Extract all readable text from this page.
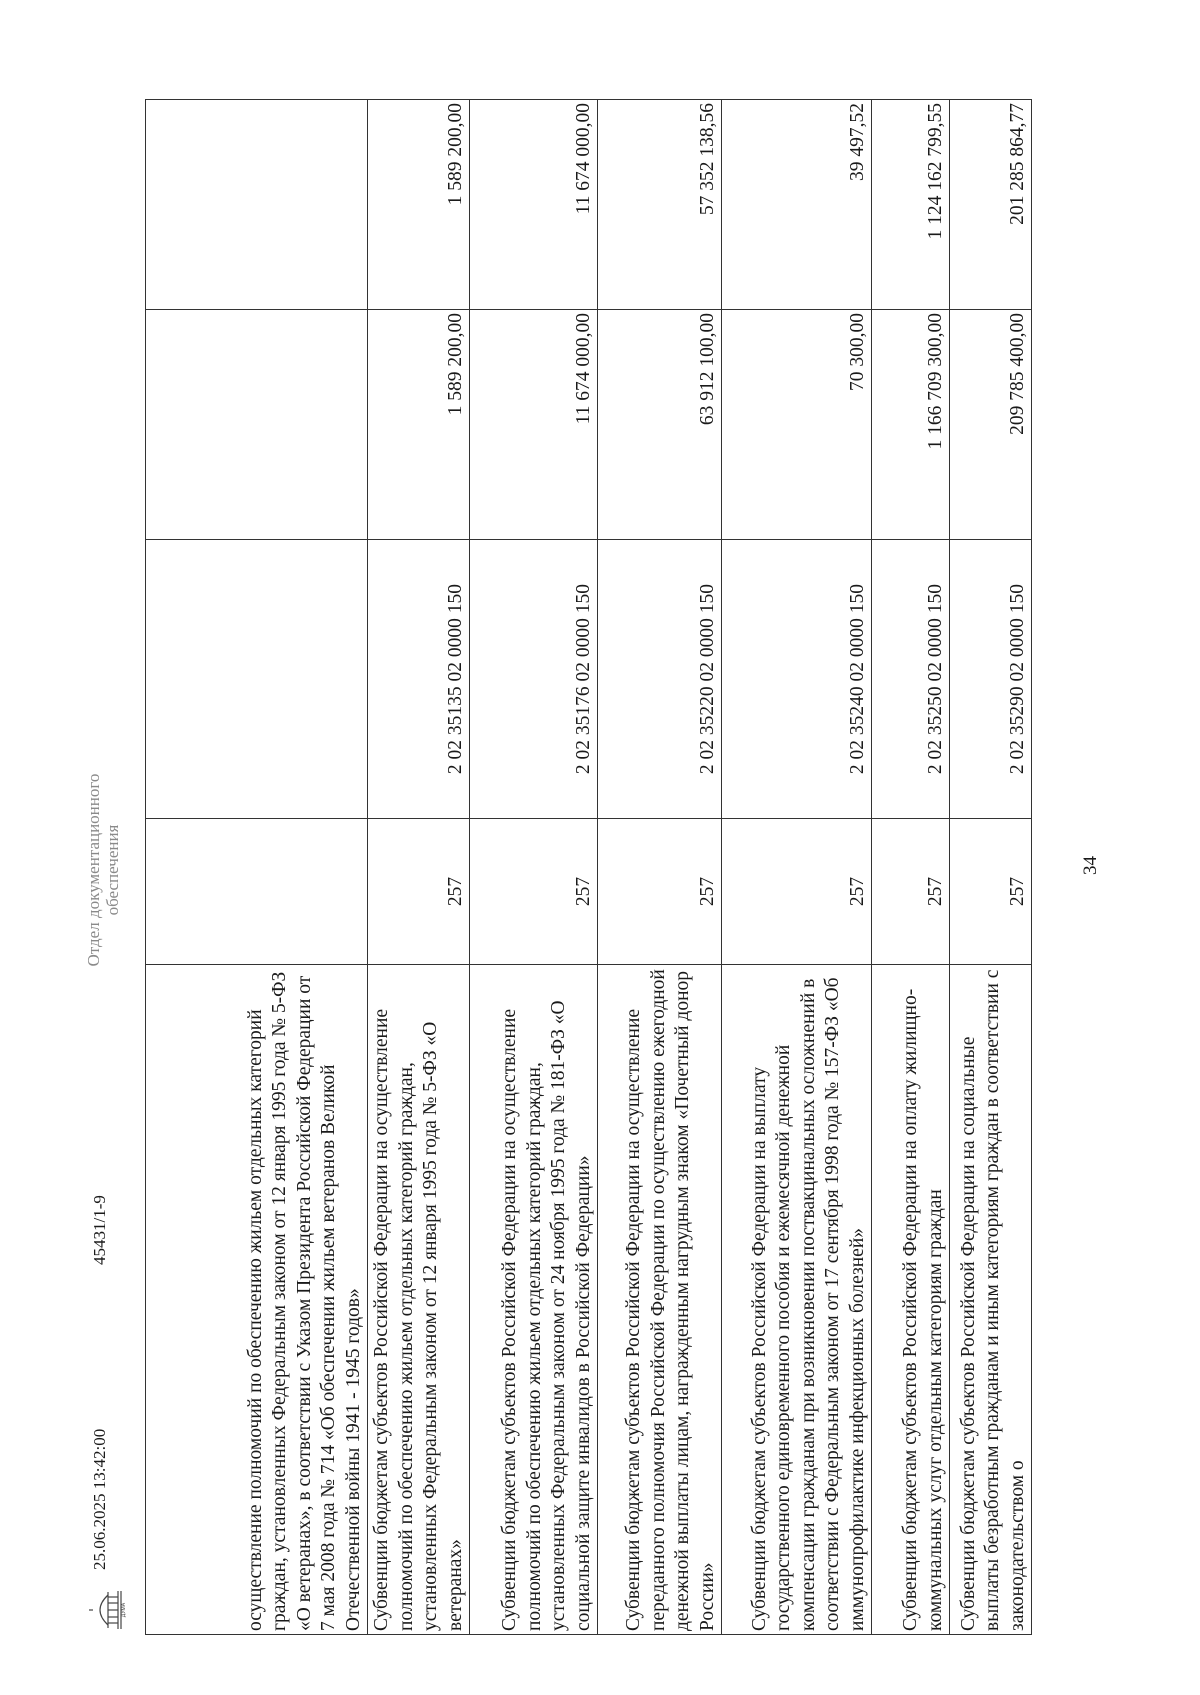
34
осуществление полномочий по обеспечению жильем отдельных категорий граждан, установленных Федеральным законом от 12 января 1995 года № 5-ФЗ «О ветеранах», в соответствии с Указом Президента Российской Федерации от 7 мая 2008 года № 714 «Об обеспечении жильем ветеранов Великой Отечественной войны 1941 - 1945 годов»				
Субвенции бюджетам субъектов Российской Федерации на осуществление полномочий по обеспечению жильем отдельных категорий граждан, установленных Федеральным законом от 12 января 1995 года № 5-ФЗ «О ветеранах»	257	2 02 35135 02 0000 150	1 589 200,00	1 589 200,00
Субвенции бюджетам субъектов Российской Федерации на осуществление полномочий по обеспечению жильем отдельных категорий граждан, установленных Федеральным законом от 24 ноября 1995 года № 181-ФЗ «О социальной защите инвалидов в Российской Федерации»	257	2 02 35176 02 0000 150	11 674 000,00	11 674 000,00
Субвенции бюджетам субъектов Российской Федерации на осуществление переданного полномочия Российской Федерации по осуществлению ежегодной денежной выплаты лицам, награжденным нагрудным знаком «Почетный донор России»	257	2 02 35220 02 0000 150	63 912 100,00	57 352 138,56
Субвенции бюджетам субъектов Российской Федерации на выплату государственного единовременного пособия и ежемесячной денежной компенсации гражданам при возникновении поствакцинальных осложнений в соответствии с Федеральным законом от 17 сентября 1998 года № 157-ФЗ «Об иммунопрофилактике инфекционных болезней»	257	2 02 35240 02 0000 150	70 300,00	39 497,52
Субвенции бюджетам субъектов Российской Федерации на оплату жилищно-коммунальных услуг отдельным категориям граждан	257	2 02 35250 02 0000 150	1 166 709 300,00	1 124 162 799,55
Субвенции бюджетам субъектов Российской Федерации на социальные выплаты безработным гражданам и иным категориям граждан в соответствии с законодательством о	257	2 02 35290 02 0000 150	209 785 400,00	201 285 864,77
ДУМА
25.06.2025 13:42:00
45431/1-9
Отдел документационного обеспечения
